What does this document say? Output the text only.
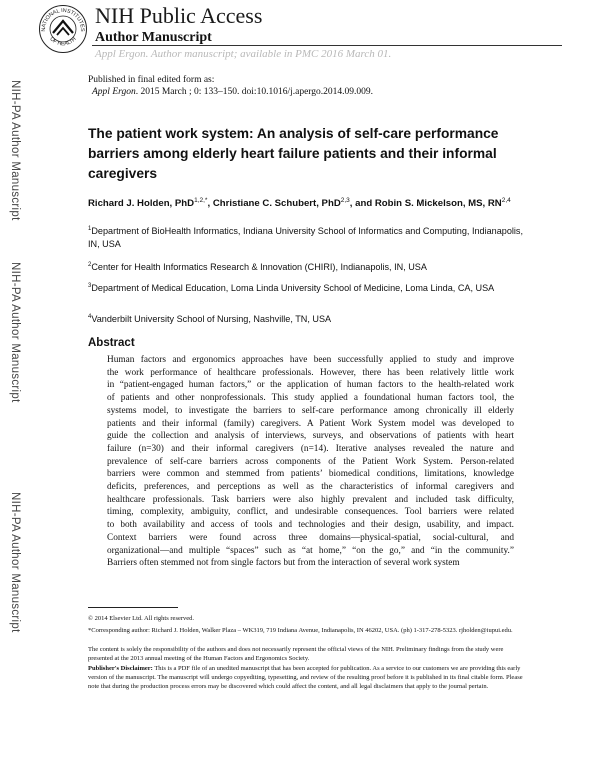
NATIONAL INSTITUTES
OF HEALTH
NIH Public Access
Author Manuscript
Appl Ergon. Author manuscript; available in PMC 2016 March 01.
NIH-PA Author Manuscript
NIH-PA Author Manuscript
NIH-PA Author Manuscript
Published in final edited form as:
Appl Ergon. 2015 March ; 0: 133–150. doi:10.1016/j.apergo.2014.09.009.
The patient work system: An analysis of self-care performance barriers among elderly heart failure patients and their informal caregivers
Richard J. Holden, PhD$^{1,2,*}$, Christiane C. Schubert, PhD$^{2,3}$, and Robin S. Mickelson, MS, RN$^{2,4}$
$^1$Department of BioHealth Informatics, Indiana University School of Informatics and Computing, Indianapolis, IN, USA
$^2$Center for Health Informatics Research & Innovation (CHIRI), Indianapolis, IN, USA
$^3$Department of Medical Education, Loma Linda University School of Medicine, Loma Linda, CA, USA
$^4$Vanderbilt University School of Nursing, Nashville, TN, USA
Abstract
Human factors and ergonomics approaches have been successfully applied to study and improve
the work performance of healthcare professionals. However, there has been relatively little work
in “patient-engaged human factors,” or the application of human factors to the health-related work
of patients and other nonprofessionals. This study applied a foundational human factors tool, the
systems model, to investigate the barriers to self-care performance among chronically ill elderly
patients and their informal (family) caregivers. A Patient Work System model was developed to
guide the collection and analysis of interviews, surveys, and observations of patients with heart
failure (n=30) and their informal caregivers (n=14). Iterative analyses revealed the nature and
prevalence of self-care barriers across components of the Patient Work System. Person-related
barriers were common and stemmed from patients’ biomedical conditions, limitations, knowledge
deficits, preferences, and perceptions as well as the characteristics of informal caregivers and
healthcare professionals. Task barriers were also highly prevalent and included task difficulty,
timing, complexity, ambiguity, conflict, and undesirable consequences. Tool barriers were related
to both availability and access of tools and technologies and their design, usability, and impact.
Context barriers were found across three domains—physical-spatial, social-cultural, and
organizational—and multiple “spaces” such as “at home,” “on the go,” and “in the community.”
Barriers often stemmed not from single factors but from the interaction of several work system
© 2014 Elsevier Ltd. All rights reserved.
*Corresponding author: Richard J. Holden, Walker Plaza – WK319, 719 Indiana Avenue, Indianapolis, IN 46202, USA. (ph) 1-317-278-5323. rjholden@iupui.edu.
The content is solely the responsibility of the authors and does not necessarily represent the official views of the NIH. Preliminary findings from the study were presented at the 2013 annual meeting of the Human Factors and Ergonomics Society.
Publisher's Disclaimer: This is a PDF file of an unedited manuscript that has been accepted for publication. As a service to our customers we are providing this early version of the manuscript. The manuscript will undergo copyediting, typesetting, and review of the resulting proof before it is published in its final citable form. Please note that during the production process errors may be discovered which could affect the content, and all legal disclaimers that apply to the journal pertain.
